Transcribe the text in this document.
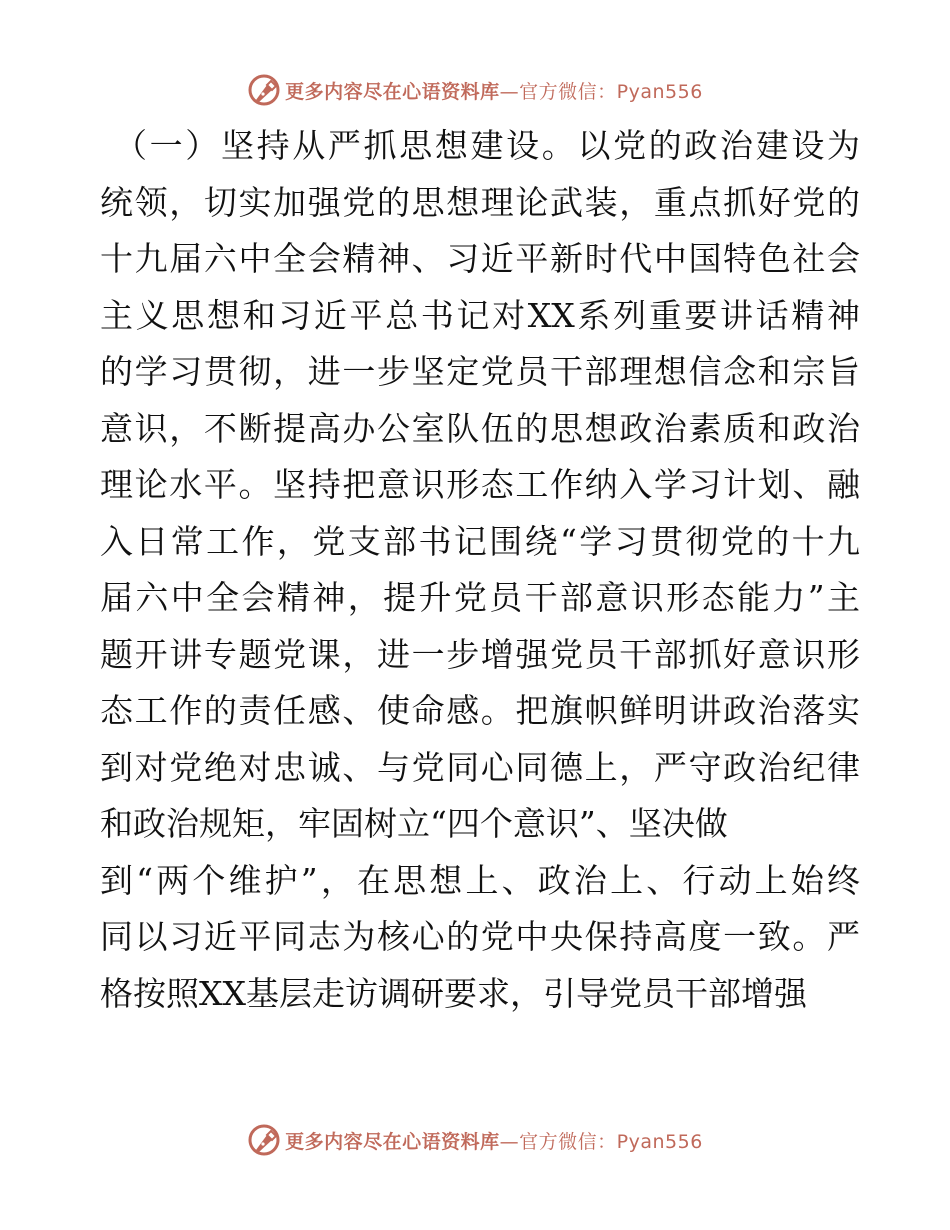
更多内容尽在心语资料库—官方微信：Pyan556
（一）坚持从严抓思想建设。以党的政治建设为
统领，切实加强党的思想理论武装，重点抓好党的
十九届六中全会精神、习近平新时代中国特色社会
主义思想和习近平总书记对XX系列重要讲话精神
的学习贯彻，进一步坚定党员干部理想信念和宗旨
意识，不断提高办公室队伍的思想政治素质和政治
理论水平。坚持把意识形态工作纳入学习计划、融
入日常工作，党支部书记围绕“学习贯彻党的十九
届六中全会精神，提升党员干部意识形态能力”主
题开讲专题党课，进一步增强党员干部抓好意识形
态工作的责任感、使命感。把旗帜鲜明讲政治落实
到对党绝对忠诚、与党同心同德上，严守政治纪律
和政治规矩，牢固树立“四个意识”、坚决做
到“两个维护”，在思想上、政治上、行动上始终
同以习近平同志为核心的党中央保持高度一致。严
格按照XX基层走访调研要求，引导党员干部增强
更多内容尽在心语资料库—官方微信：Pyan556
